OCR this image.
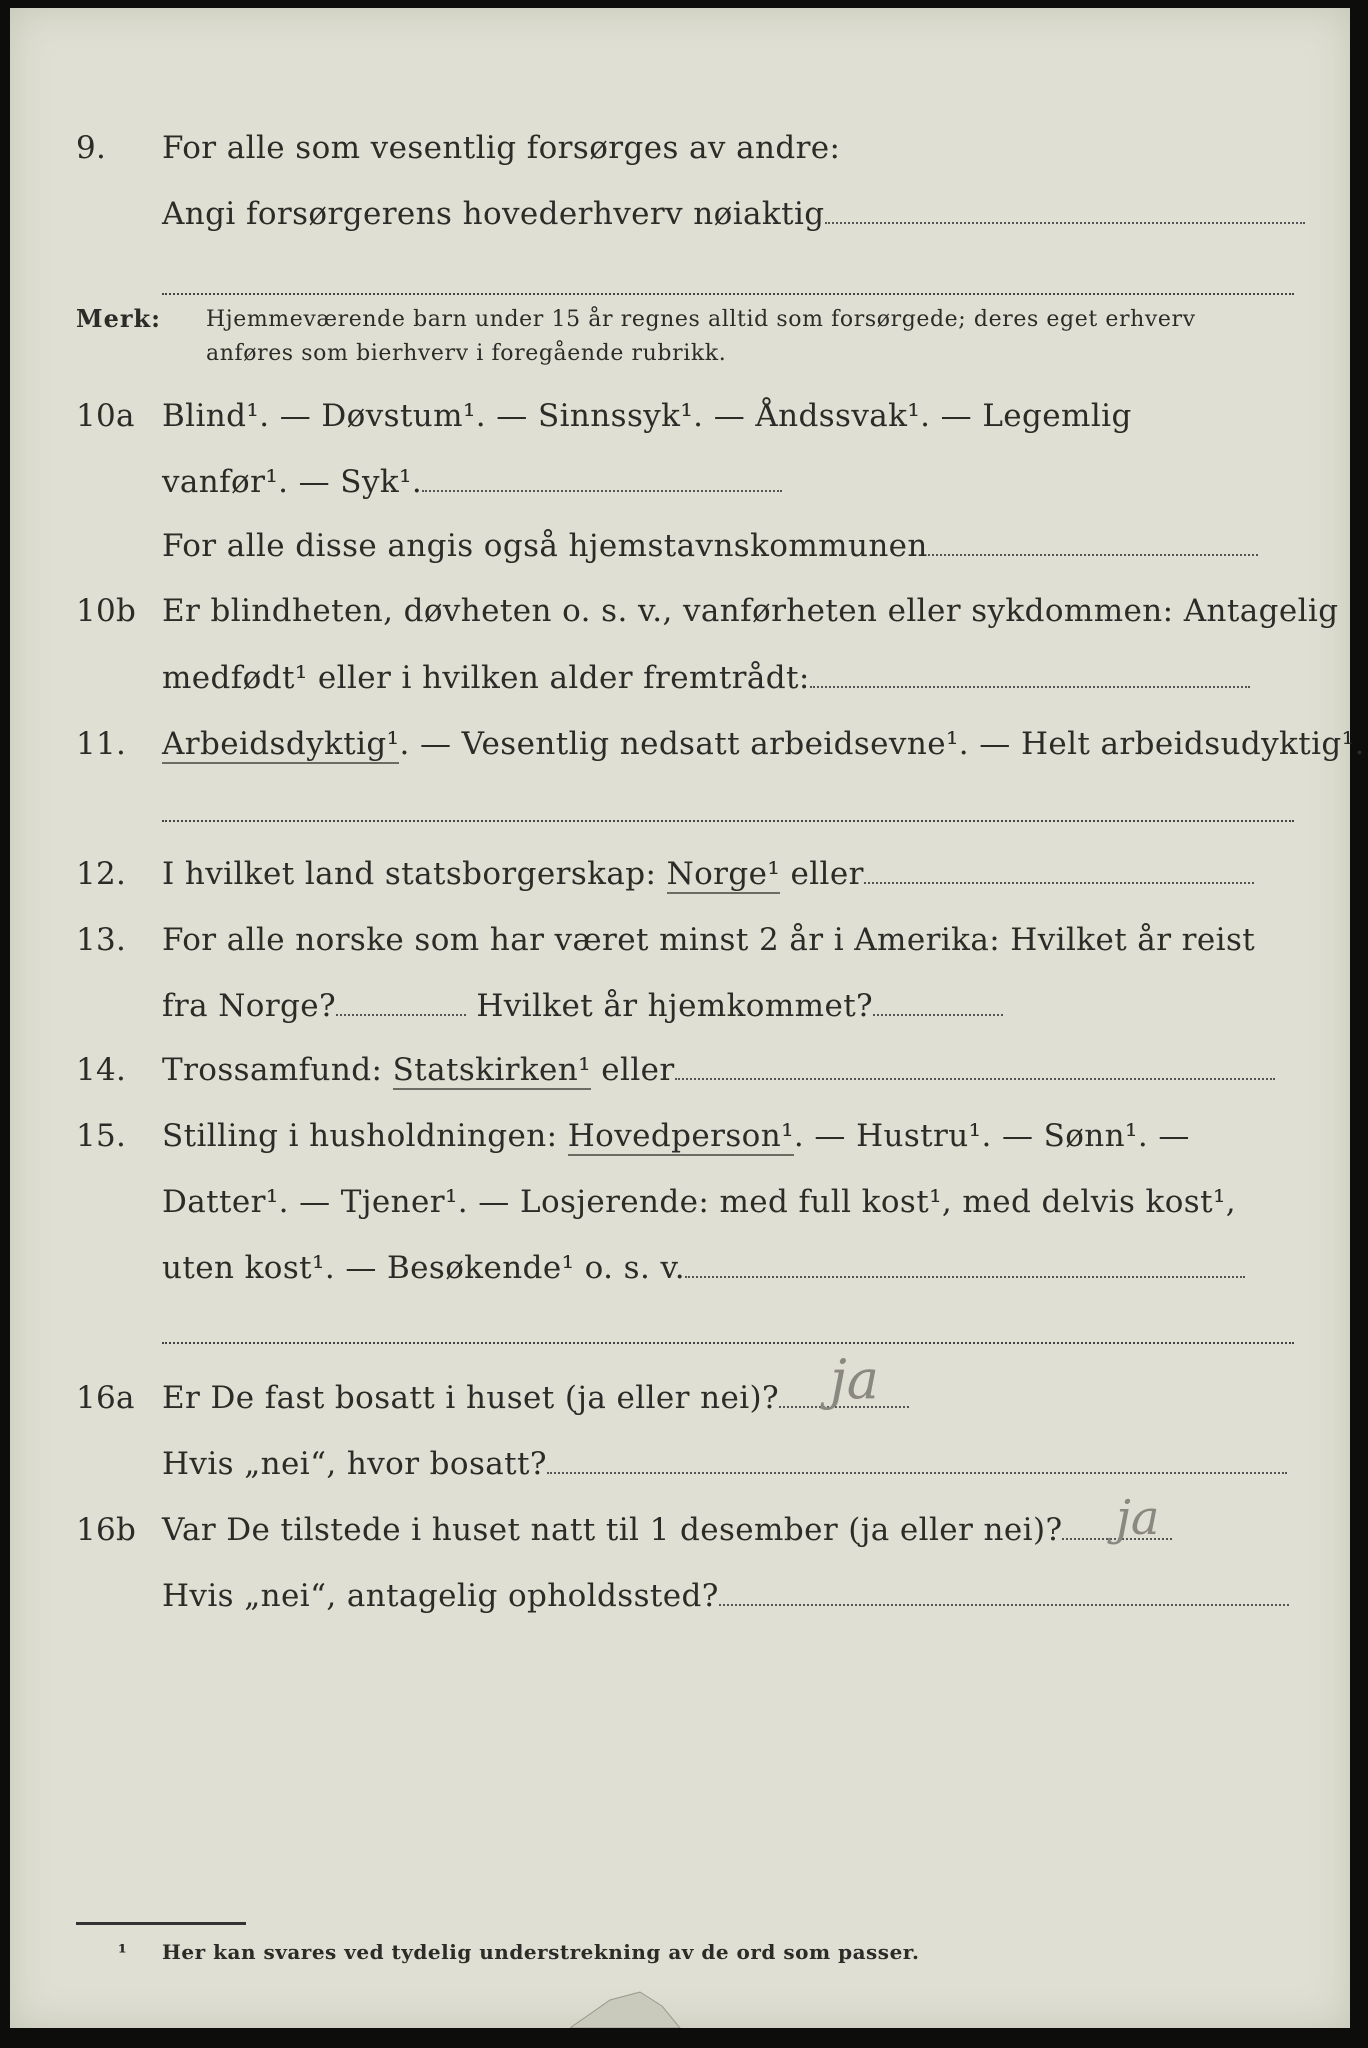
9. For alle som vesentlig forsørges av andre:
Angi forsørgerens hovederhverv nøiaktig
Merk: Hjemmeværende barn under 15 år regnes alltid som forsørgede; deres eget erhverv
anføres som bierhverv i foregående rubrikk.
10a Blind¹. — Døvstum¹. — Sinnssyk¹. — Åndssvak¹. — Legemlig
vanfør¹. — Syk¹.
For alle disse angis også hjemstavnskommunen
10b Er blindheten, døvheten o. s. v., vanførheten eller sykdommen: Antagelig
medfødt¹ eller i hvilken alder fremtrådt:
11. Arbeidsdyktig¹. — Vesentlig nedsatt arbeidsevne¹. — Helt arbeidsudyktig¹.
12. I hvilket land statsborgerskap: Norge¹ eller
13. For alle norske som har været minst 2 år i Amerika: Hvilket år reist
fra Norge?	Hvilket år hjemkommet?
14. Trossamfund: Statskirken¹ eller
15. Stilling i husholdningen: Hovedperson¹. — Hustru¹. — Sønn¹. —
Datter¹. — Tjener¹. — Losjerende: med full kost¹, med delvis kost¹,
uten kost¹. — Besøkende¹ o. s. v.
16a Er De fast bosatt i huset (ja eller nei)? ja
Hvis „nei“, hvor bosatt?
16b Var De tilstede i huset natt til 1 desember (ja eller nei)?	ja
Hvis „nei“, antagelig opholdssted?
¹ Her kan svares ved tydelig understrekning av de ord som passer.
